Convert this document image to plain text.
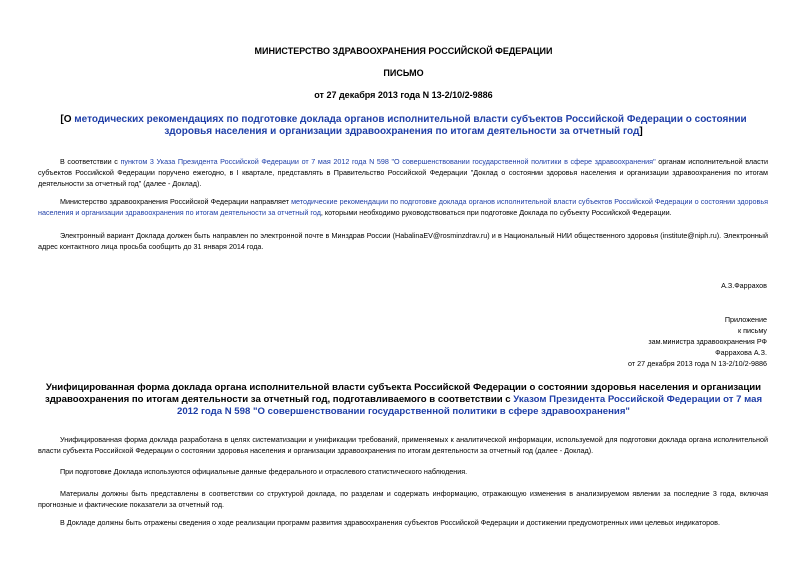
МИНИСТЕРСТВО ЗДРАВООХРАНЕНИЯ РОССИЙСКОЙ ФЕДЕРАЦИИ
ПИСЬМО
от 27 декабря 2013 года N 13-2/10/2-9886
[О методических рекомендациях по подготовке доклада органов исполнительной власти субъектов Российской Федерации о состоянии здоровья населения и организации здравоохранения по итогам деятельности за отчетный год]
В соответствии с пунктом 3 Указа Президента Российской Федерации от 7 мая 2012 года N 598 "О совершенствовании государственной политики в сфере здравоохранения" органам исполнительной власти субъектов Российской Федерации поручено ежегодно, в I квартале, представлять в Правительство Российской Федерации "Доклад о состоянии здоровья населения и организации здравоохранения по итогам деятельности за отчетный год" (далее - Доклад).
Министерство здравоохранения Российской Федерации направляет методические рекомендации по подготовке доклада органов исполнительной власти субъектов Российской Федерации о состоянии здоровья населения и организации здравоохранения по итогам деятельности за отчетный год, которыми необходимо руководствоваться при подготовке Доклада по субъекту Российской Федерации.
Электронный вариант Доклада должен быть направлен по электронной почте в Минздрав России (HabalinaEV@rosminzdrav.ru) и в Национальный НИИ общественного здоровья (institute@niph.ru). Электронный адрес контактного лица просьба сообщить до 31 января 2014 года.
А.З.Фаррахов
Приложение
к письму
зам.министра здравоохранения РФ
Фаррахова А.З.
от 27 декабря 2013 года N 13-2/10/2-9886
Унифицированная форма доклада органа исполнительной власти субъекта Российской Федерации о состоянии здоровья населения и организации здравоохранения по итогам деятельности за отчетный год, подготавливаемого в соответствии с Указом Президента Российской Федерации от 7 мая 2012 года N 598 "О совершенствовании государственной политики в сфере здравоохранения"
Унифицированная форма доклада разработана в целях систематизации и унификации требований, применяемых к аналитической информации, используемой для подготовки доклада органа исполнительной власти субъекта Российской Федерации о состоянии здоровья населения и организации здравоохранения по итогам деятельности за отчетный год (далее - Доклад).
При подготовке Доклада используются официальные данные федерального и отраслевого статистического наблюдения.
Материалы должны быть представлены в соответствии со структурой доклада, по разделам и содержать информацию, отражающую изменения в анализируемом явлении за последние 3 года, включая прогнозные и фактические показатели за отчетный год.
В Докладе должны быть отражены сведения о ходе реализации программ развития здравоохранения субъектов Российской Федерации и достижении предусмотренных ими целевых индикаторов.
